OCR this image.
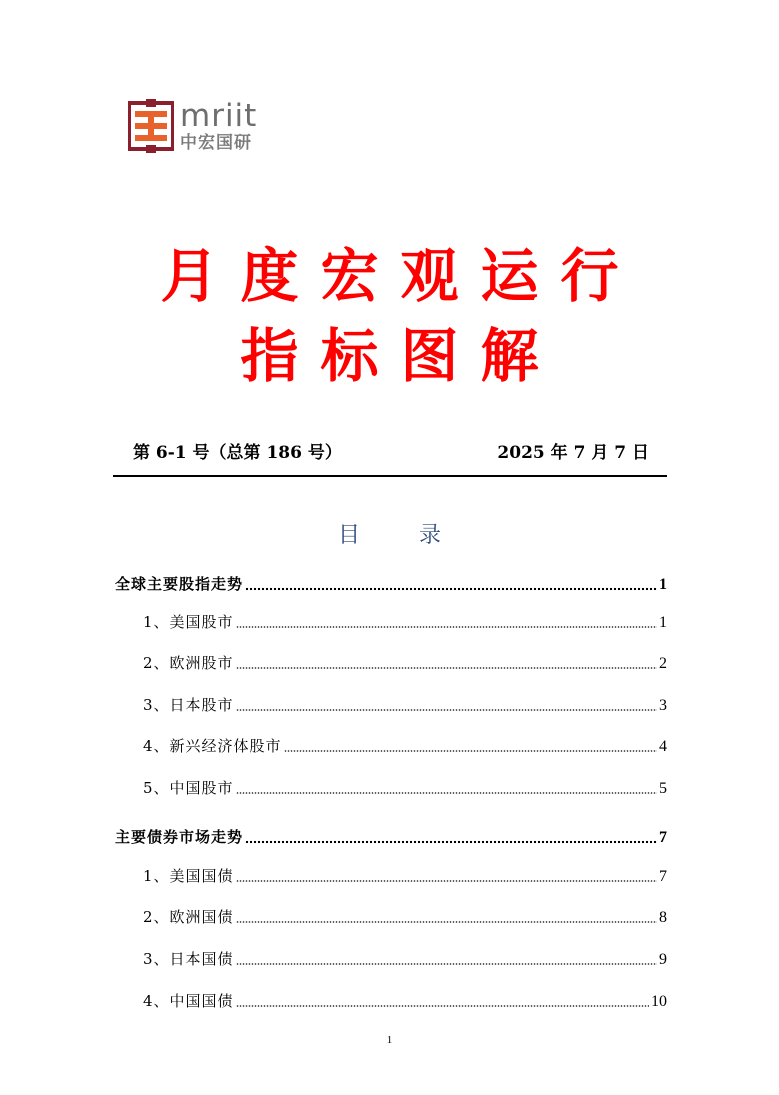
mriit
中宏国研
月度宏观运行
指标图解
第 6-1 号（总第 186 号）	2025 年 7 月 7 日
目 录
全球主要股指走势	1
1、美国股市	1
2、欧洲股市	2
3、日本股市	3
4、新兴经济体股市	4
5、中国股市	5
主要债券市场走势	7
1、美国国债	7
2、欧洲国债	8
3、日本国债	9
4、中国国债	10
1
